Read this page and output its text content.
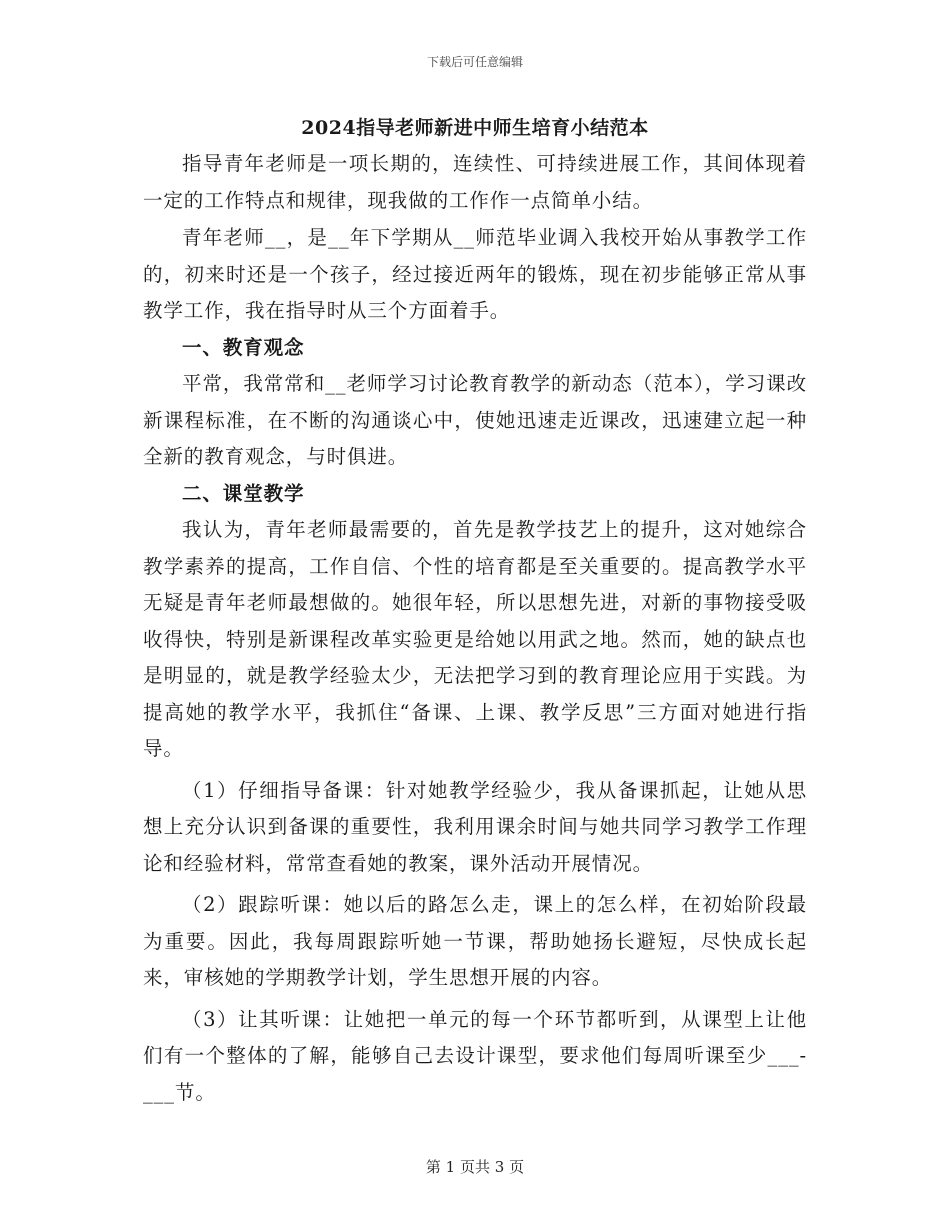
下载后可任意编辑
2024指导老师新进中师生培育小结范本

指导青年老师是一项长期的，连续性、可持续进展工作，其间体现着一定的工作特点和规律，现我做的工作作一点简单小结。

青年老师__，是__年下学期从__师范毕业调入我校开始从事教学工作的，初来时还是一个孩子，经过接近两年的锻炼，现在初步能够正常从事教学工作，我在指导时从三个方面着手。

一、教育观念

平常，我常常和__老师学习讨论教育教学的新动态（范本），学习课改新课程标准，在不断的沟通谈心中，使她迅速走近课改，迅速建立起一种全新的教育观念，与时俱进。

二、课堂教学

我认为，青年老师最需要的，首先是教学技艺上的提升，这对她综合教学素养的提高，工作自信、个性的培育都是至关重要的。提高教学水平无疑是青年老师最想做的。她很年轻，所以思想先进，对新的事物接受吸收得快，特别是新课程改革实验更是给她以用武之地。然而，她的缺点也是明显的，就是教学经验太少，无法把学习到的教育理论应用于实践。为提高她的教学水平，我抓住“备课、上课、教学反思”三方面对她进行指导。

（1）仔细指导备课：针对她教学经验少，我从备课抓起，让她从思想上充分认识到备课的重要性，我利用课余时间与她共同学习教学工作理论和经验材料，常常查看她的教案，课外活动开展情况。

（2）跟踪听课：她以后的路怎么走，课上的怎么样，在初始阶段最为重要。因此，我每周跟踪听她一节课，帮助她扬长避短，尽快成长起来，审核她的学期教学计划，学生思想开展的内容。

（3）让其听课：让她把一单元的每一个环节都听到，从课型上让他们有一个整体的了解，能够自己去设计课型，要求他们每周听课至少___-___节。

第 1 页共 3 页
